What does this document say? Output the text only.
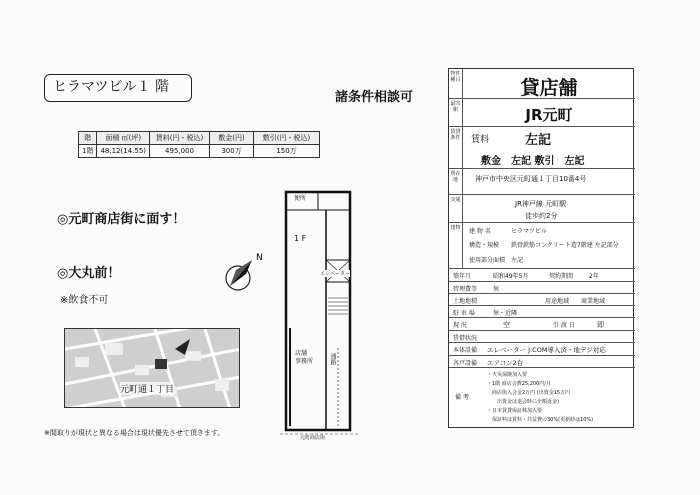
ヒラマツビル１ 階
諸条件相談可
階	面積 ㎡(坪)	賃料(円・税込)	敷金(円)	敷引(円・税込)
1階	48.12(14.55)	495,000	300万	150万
◎元町商店街に面す！
◎大丸前！
※飲食不可
N
元町通１丁目
※間取りが現状と異なる場合は現状優先させて頂きます。
便所
1 F
エレベーター
店舗
事務所	通路
元町商店街
物件種目	貸店舗
最寄駅	JR元町
賃貸条件 賃料	左記
敷金　左記 敷引　左記
所在地	神戸市中央区元町通１丁目10番4号
交通	JR神戸線 元町駅
徒歩約2分
建物	建 物 名	ヒラマツビル
構造・規模 鉄骨鉄筋コンクリート造7階建 左記部分
使用部分面積 左記
築年月	昭和49年5月	契約期間	2年
管理費等	無
土地地積	用途地域 商業地域
駐 車 場	無・近隣
現 況	空	引 渡 日	即
賃借状況
本体設備 エレベーター J:COM導入済・地デジ対応
各戸設備 エアコン2台
備 考
・火災保険加入要
・1階 商店会費25,200円/月
　商店街入会金2万円 (出資金15万円
　　出資金は退会時に全額返金)
・日本賃貸保証株加入要
　保証料は賃料・共益費の30%(更新時は10%)
